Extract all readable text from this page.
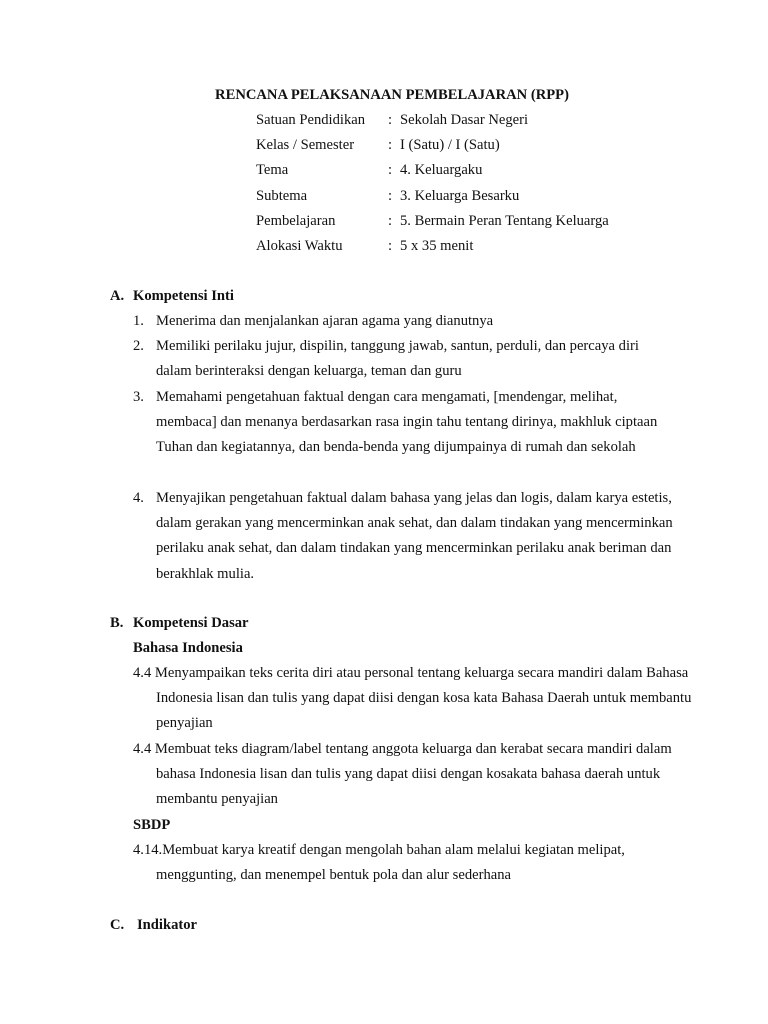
RENCANA PELAKSANAAN PEMBELAJARAN (RPP)
Satuan Pendidikan : Sekolah Dasar Negeri
Kelas / Semester : I (Satu) / I (Satu)
Tema	: 4. Keluargaku
Subtema	: 3. Keluarga Besarku
Pembelajaran	: 5. Bermain Peran Tentang Keluarga
Alokasi Waktu	: 5 x 35 menit
A. Kompetensi Inti
1. Menerima dan menjalankan ajaran agama yang dianutnya
2. Memiliki perilaku jujur, dispilin, tanggung jawab, santun, perduli, dan percaya diri dalam berinteraksi dengan keluarga, teman dan guru
3. Memahami pengetahuan faktual dengan cara mengamati, [mendengar, melihat, membaca] dan menanya berdasarkan rasa ingin tahu tentang dirinya, makhluk ciptaan Tuhan dan kegiatannya, dan benda-benda yang dijumpainya di rumah dan sekolah
4. Menyajikan pengetahuan faktual dalam bahasa yang jelas dan logis, dalam karya estetis, dalam gerakan yang mencerminkan anak sehat, dan dalam tindakan yang mencerminkan perilaku anak sehat, dan dalam tindakan yang mencerminkan perilaku anak beriman dan berakhlak mulia.
B. Kompetensi Dasar
Bahasa Indonesia
4.4 Menyampaikan teks cerita diri atau personal tentang keluarga secara mandiri dalam Bahasa Indonesia lisan dan tulis yang dapat diisi dengan kosa kata Bahasa Daerah untuk membantu penyajian
4.4 Membuat teks diagram/label tentang anggota keluarga dan kerabat secara mandiri dalam bahasa Indonesia lisan dan tulis yang dapat diisi dengan kosakata bahasa daerah untuk membantu penyajian
SBDP
4.14.Membuat karya kreatif dengan mengolah bahan alam melalui kegiatan melipat, menggunting, dan menempel bentuk pola dan alur sederhana
C. Indikator
